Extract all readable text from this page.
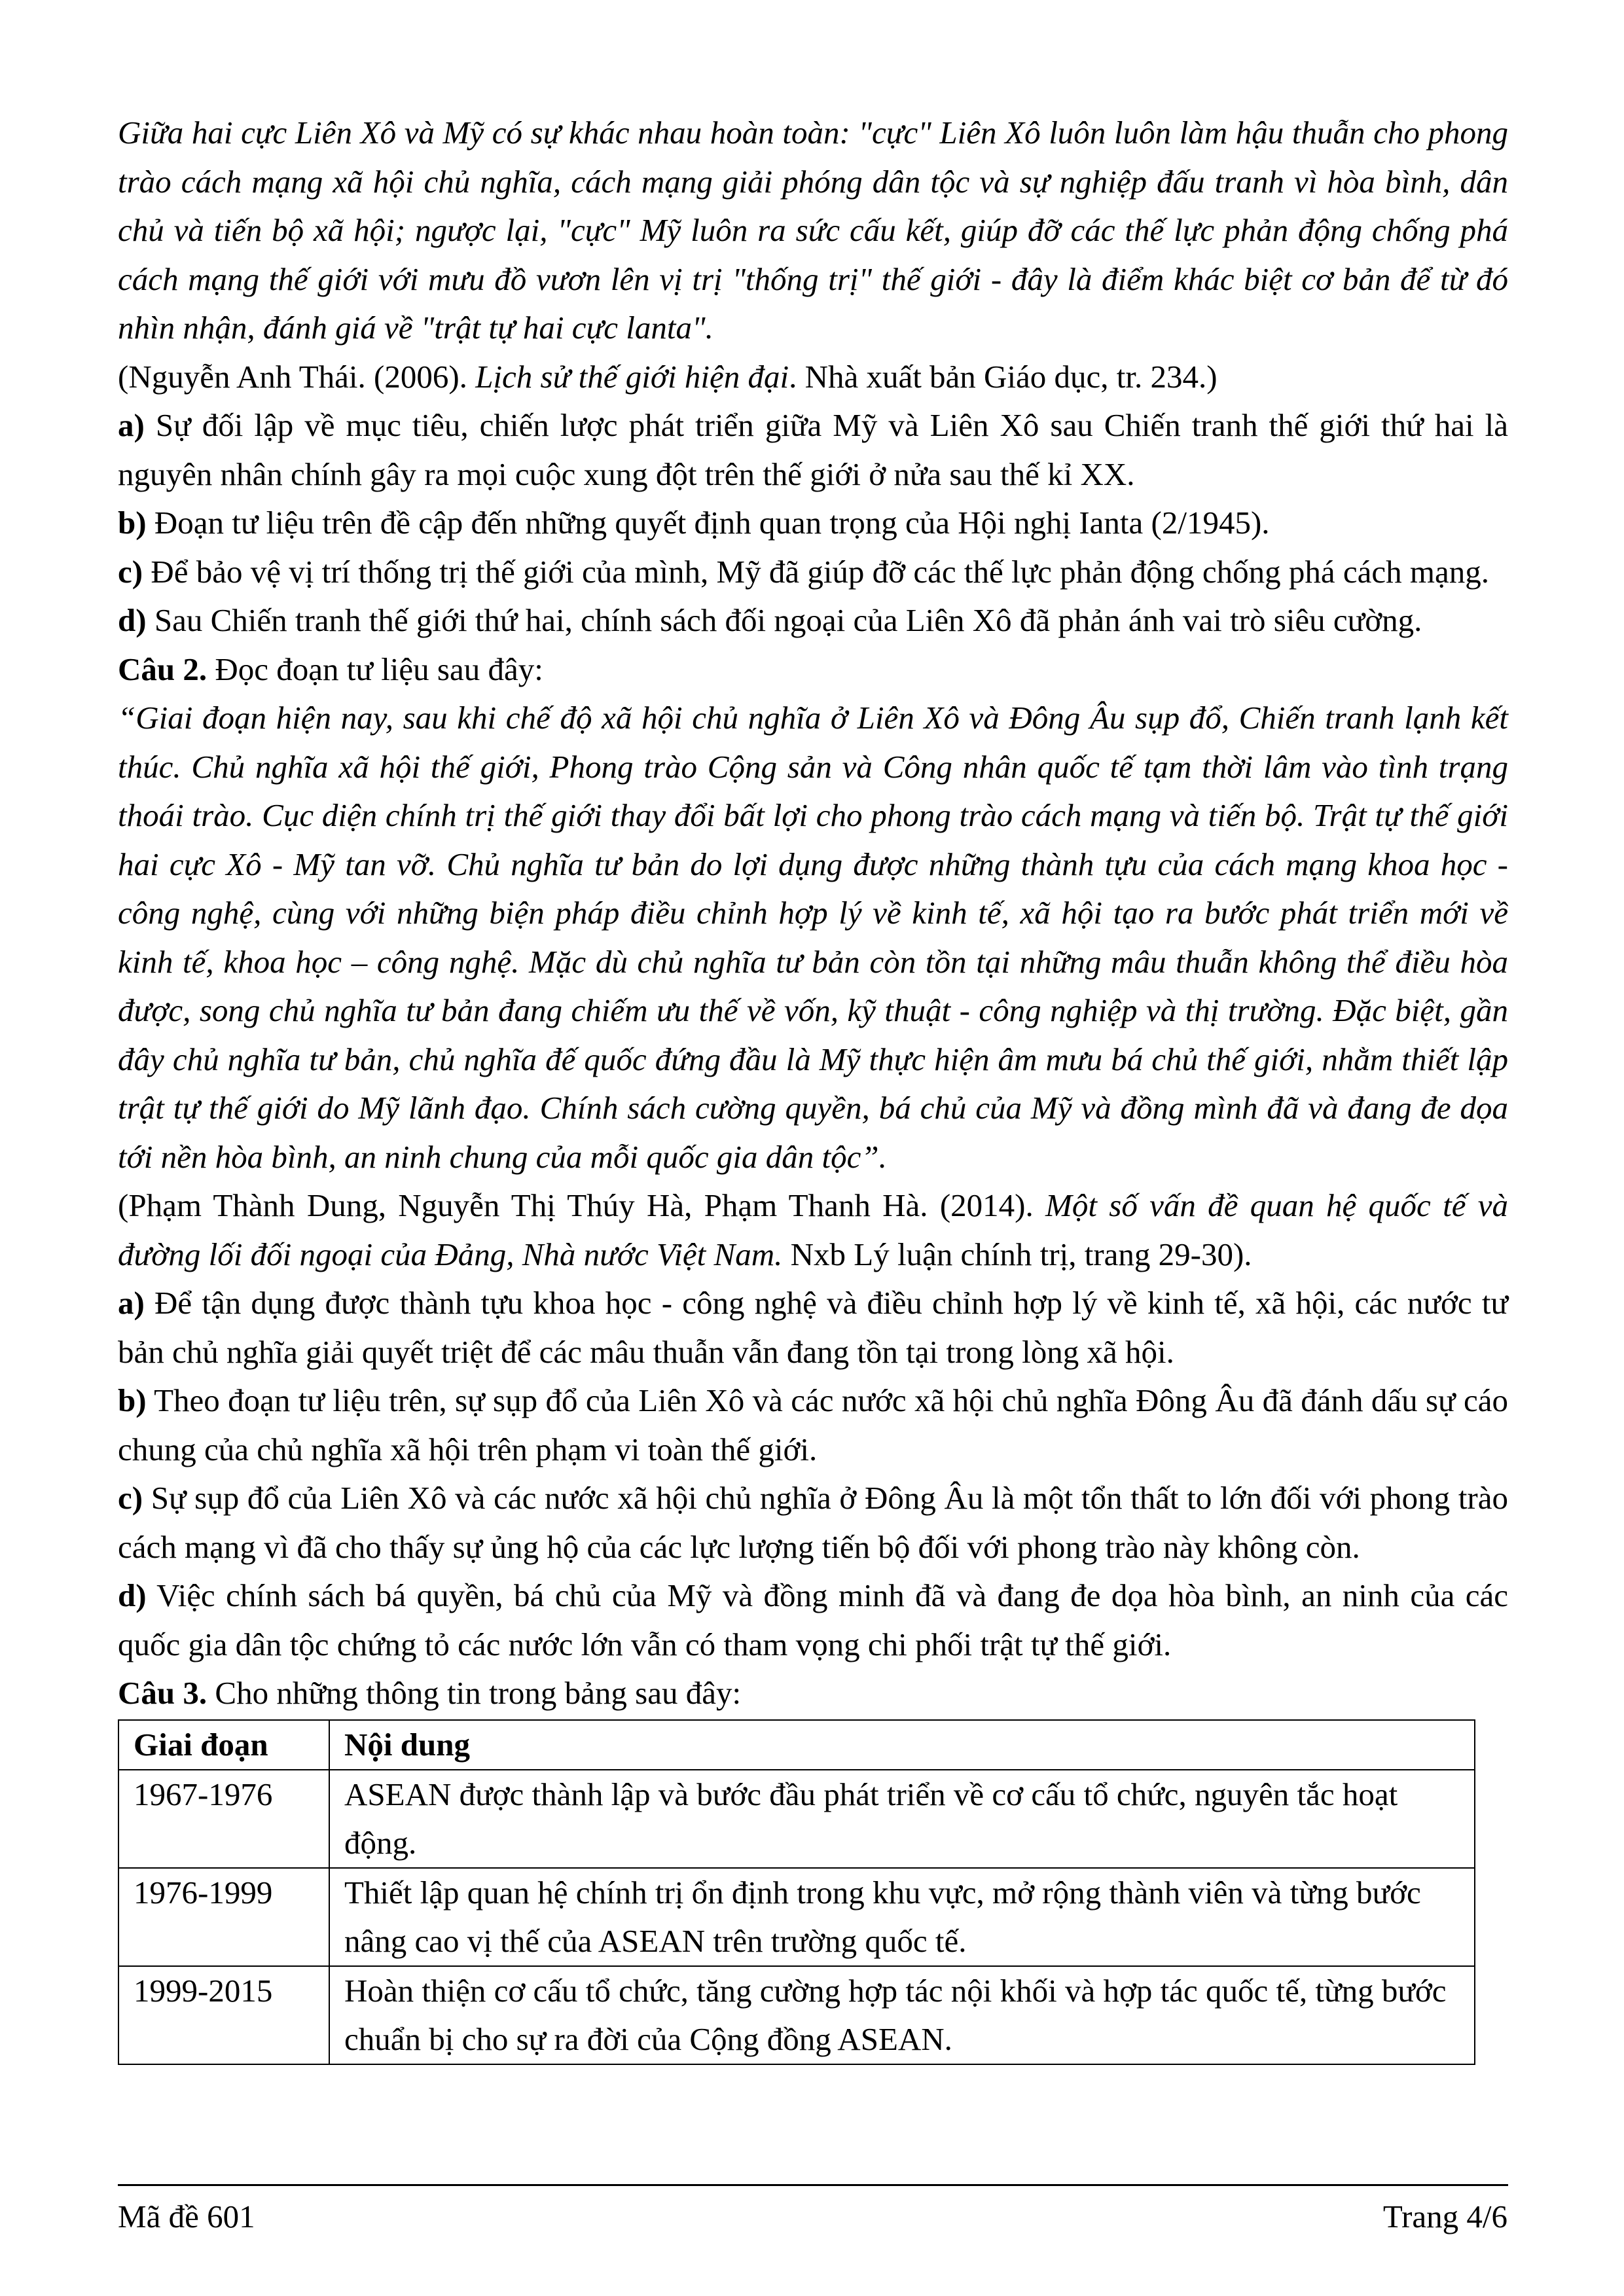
Giữa hai cực Liên Xô và Mỹ có sự khác nhau hoàn toàn: "cực" Liên Xô luôn luôn làm hậu thuẫn cho phong trào cách mạng xã hội chủ nghĩa, cách mạng giải phóng dân tộc và sự nghiệp đấu tranh vì hòa bình, dân chủ và tiến bộ xã hội; ngược lại, "cực" Mỹ luôn ra sức cấu kết, giúp đỡ các thế lực phản động chống phá cách mạng thế giới với mưu đồ vươn lên vị trị "thống trị" thế giới - đây là điểm khác biệt cơ bản để từ đó nhìn nhận, đánh giá về "trật tự hai cực lanta".

(Nguyễn Anh Thái. (2006). Lịch sử thế giới hiện đại. Nhà xuất bản Giáo dục, tr. 234.)

a) Sự đối lập về mục tiêu, chiến lược phát triển giữa Mỹ và Liên Xô sau Chiến tranh thế giới thứ hai là nguyên nhân chính gây ra mọi cuộc xung đột trên thế giới ở nửa sau thế kỉ XX.

b) Đoạn tư liệu trên đề cập đến những quyết định quan trọng của Hội nghị Ianta (2/1945).

c) Để bảo vệ vị trí thống trị thế giới của mình, Mỹ đã giúp đỡ các thế lực phản động chống phá cách mạng.

d) Sau Chiến tranh thế giới thứ hai, chính sách đối ngoại của Liên Xô đã phản ánh vai trò siêu cường.

Câu 2. Đọc đoạn tư liệu sau đây:

“Giai đoạn hiện nay, sau khi chế độ xã hội chủ nghĩa ở Liên Xô và Đông Âu sụp đổ, Chiến tranh lạnh kết thúc. Chủ nghĩa xã hội thế giới, Phong trào Cộng sản và Công nhân quốc tế tạm thời lâm vào tình trạng thoái trào. Cục diện chính trị thế giới thay đổi bất lợi cho phong trào cách mạng và tiến bộ. Trật tự thế giới hai cực Xô - Mỹ tan vỡ. Chủ nghĩa tư bản do lợi dụng được những thành tựu của cách mạng khoa học -công nghệ, cùng với những biện pháp điều chỉnh hợp lý về kinh tế, xã hội tạo ra bước phát triển mới về kinh tế, khoa học – công nghệ. Mặc dù chủ nghĩa tư bản còn tồn tại những mâu thuẫn không thể điều hòa được, song chủ nghĩa tư bản đang chiếm ưu thế về vốn, kỹ thuật - công nghiệp và thị trường. Đặc biệt, gần đây chủ nghĩa tư bản, chủ nghĩa đế quốc đứng đầu là Mỹ thực hiện âm mưu bá chủ thế giới, nhằm thiết lập trật tự thế giới do Mỹ lãnh đạo. Chính sách cường quyền, bá chủ của Mỹ và đồng mình đã và đang đe dọa tới nền hòa bình, an ninh chung của mỗi quốc gia dân tộc”.

(Phạm Thành Dung, Nguyễn Thị Thúy Hà, Phạm Thanh Hà. (2014). Một số vấn đề quan hệ quốc tế và đường lối đối ngoại của Đảng, Nhà nước Việt Nam. Nxb Lý luận chính trị, trang 29-30).

a) Để tận dụng được thành tựu khoa học - công nghệ và điều chỉnh hợp lý về kinh tế, xã hội, các nước tư bản chủ nghĩa giải quyết triệt để các mâu thuẫn vẫn đang tồn tại trong lòng xã hội.

b) Theo đoạn tư liệu trên, sự sụp đổ của Liên Xô và các nước xã hội chủ nghĩa Đông Âu đã đánh dấu sự cáo chung của chủ nghĩa xã hội trên phạm vi toàn thế giới.

c) Sự sụp đổ của Liên Xô và các nước xã hội chủ nghĩa ở Đông Âu là một tổn thất to lớn đối với phong trào cách mạng vì đã cho thấy sự ủng hộ của các lực lượng tiến bộ đối với phong trào này không còn.

d) Việc chính sách bá quyền, bá chủ của Mỹ và đồng minh đã và đang đe dọa hòa bình, an ninh của các quốc gia dân tộc chứng tỏ các nước lớn vẫn có tham vọng chi phối trật tự thế giới.

Câu 3. Cho những thông tin trong bảng sau đây:

Giai đoạn	Nội dung
1967-1976	ASEAN được thành lập và bước đầu phát triển về cơ cấu tổ chức, nguyên tắc hoạt động.
1976-1999	Thiết lập quan hệ chính trị ổn định trong khu vực, mở rộng thành viên và từng bước nâng cao vị thế của ASEAN trên trường quốc tế.
1999-2015	Hoàn thiện cơ cấu tổ chức, tăng cường hợp tác nội khối và hợp tác quốc tế, từng bước chuẩn bị cho sự ra đời của Cộng đồng ASEAN.
Mã đề 601	Trang 4/6
